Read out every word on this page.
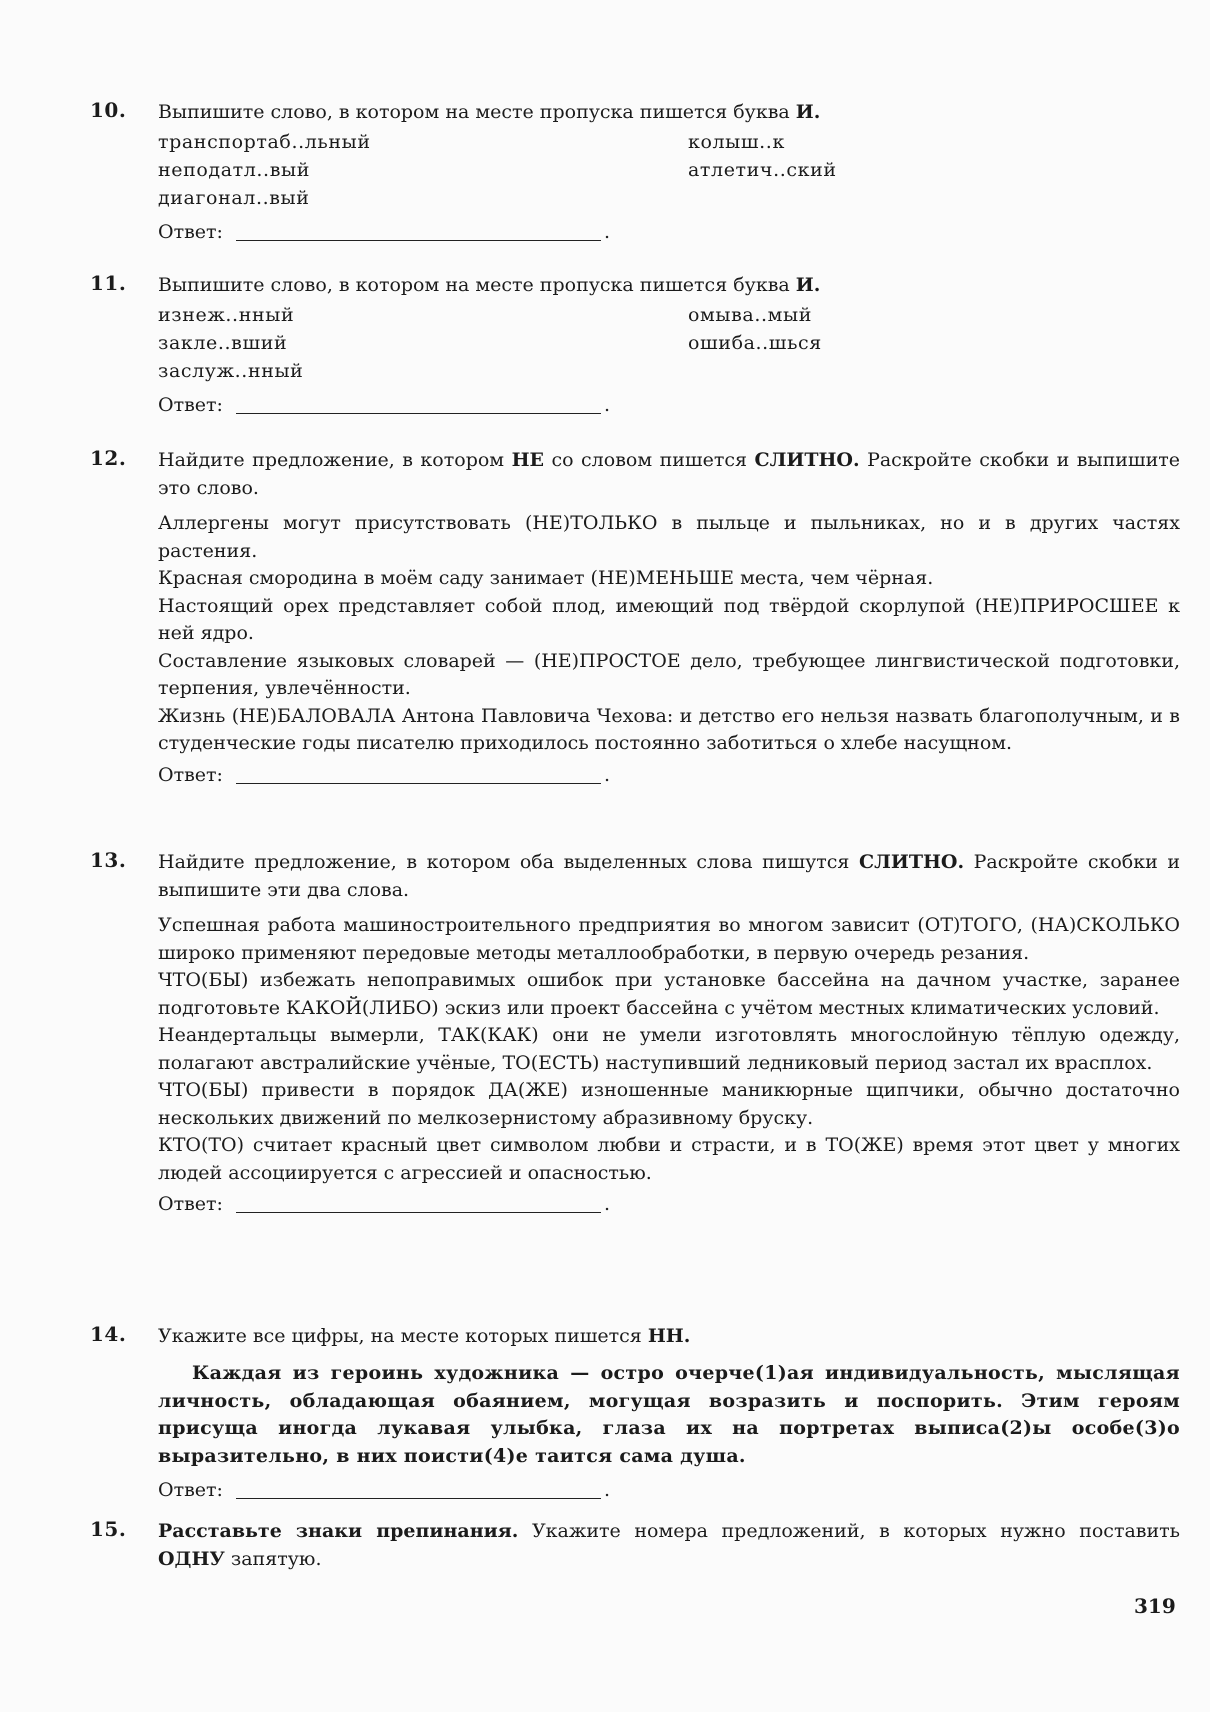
10. Выпишите слово, в котором на месте пропуска пишется буква И.

транспортаб..льный	колыш..к
неподатл..вый	атлетич..ский
диагонал..вый
Ответ:	.
11. Выпишите слово, в котором на месте пропуска пишется буква И.

изнеж..нный	омыва..мый
закле..вший	ошиба..шься
заслуж..нный
Ответ:	.
12. Найдите предложение, в котором НЕ со словом пишется СЛИТНО. Раскройте скобки и выпишите это слово.

Аллергены могут присутствовать (НЕ)ТОЛЬКО в пыльце и пыльниках, но и в других частях растения.

Красная смородина в моём саду занимает (НЕ)МЕНЬШЕ места, чем чёрная.

Настоящий орех представляет собой плод, имеющий под твёрдой скорлупой (НЕ)ПРИРОСШЕЕ к ней ядро.

Составление языковых словарей — (НЕ)ПРОСТОЕ дело, требующее лингвистической подготовки, терпения, увлечённости.

Жизнь (НЕ)БАЛОВАЛА Антона Павловича Чехова: и детство его нельзя назвать благополучным, и в студенческие годы писателю приходилось постоянно заботиться о хлебе насущном.

Ответ:	.
13. Найдите предложение, в котором оба выделенных слова пишутся СЛИТНО. Раскройте скобки и выпишите эти два слова.

Успешная работа машиностроительного предприятия во многом зависит (ОТ)ТОГО, (НА)СКОЛЬКО широко применяют передовые методы металлообработки, в первую очередь резания.

ЧТО(БЫ) избежать непоправимых ошибок при установке бассейна на дачном участке, заранее подготовьте КАКОЙ(ЛИБО) эскиз или проект бассейна с учётом местных климатических условий.

Неандертальцы вымерли, ТАК(КАК) они не умели изготовлять многослойную тёплую одежду, полагают австралийские учёные, ТО(ЕСТЬ) наступивший ледниковый период застал их врасплох.

ЧТО(БЫ) привести в порядок ДА(ЖЕ) изношенные маникюрные щипчики, обычно достаточно нескольких движений по мелкозернистому абразивному бруску.

КТО(ТО) считает красный цвет символом любви и страсти, и в ТО(ЖЕ) время этот цвет у многих людей ассоциируется с агрессией и опасностью.

Ответ:	.
14. Укажите все цифры, на месте которых пишется НН.

Каждая из героинь художника — остро очерче(1)ая индивидуальность, мыслящая личность, обладающая обаянием, могущая возразить и поспорить. Этим героям присуща иногда лукавая улыбка, глаза их на портретах выписа(2)ы особе(3)о выразительно, в них поисти(4)е таится сама душа.

Ответ:	.
15. Расставьте знаки препинания. Укажите номера предложений, в которых нужно поставить ОДНУ запятую.

319
